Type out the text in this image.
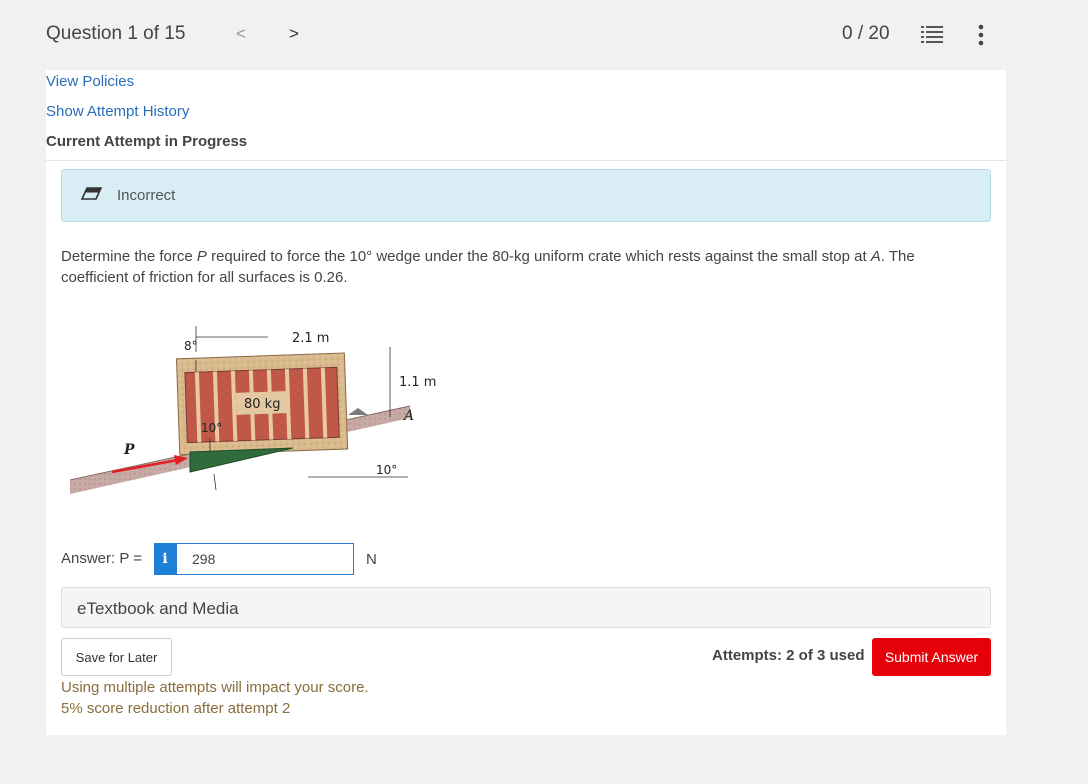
Question 1 of 15	<	>	0 / 20
View Policies
Show Attempt History
Current Attempt in Progress
Incorrect
Determine the force P required to force the 10° wedge under the 80-kg uniform crate which rests against the small stop at A. The coefficient of friction for all surfaces is 0.26.
80 kg
P
8°	2.1 m
1.1 m
A
10°
10°
Answer: P =	i
298	N
eTextbook and Media
Save for Later	Attempts: 2 of 3 used	Submit Answer
Using multiple attempts will impact your score.
5% score reduction after attempt 2
